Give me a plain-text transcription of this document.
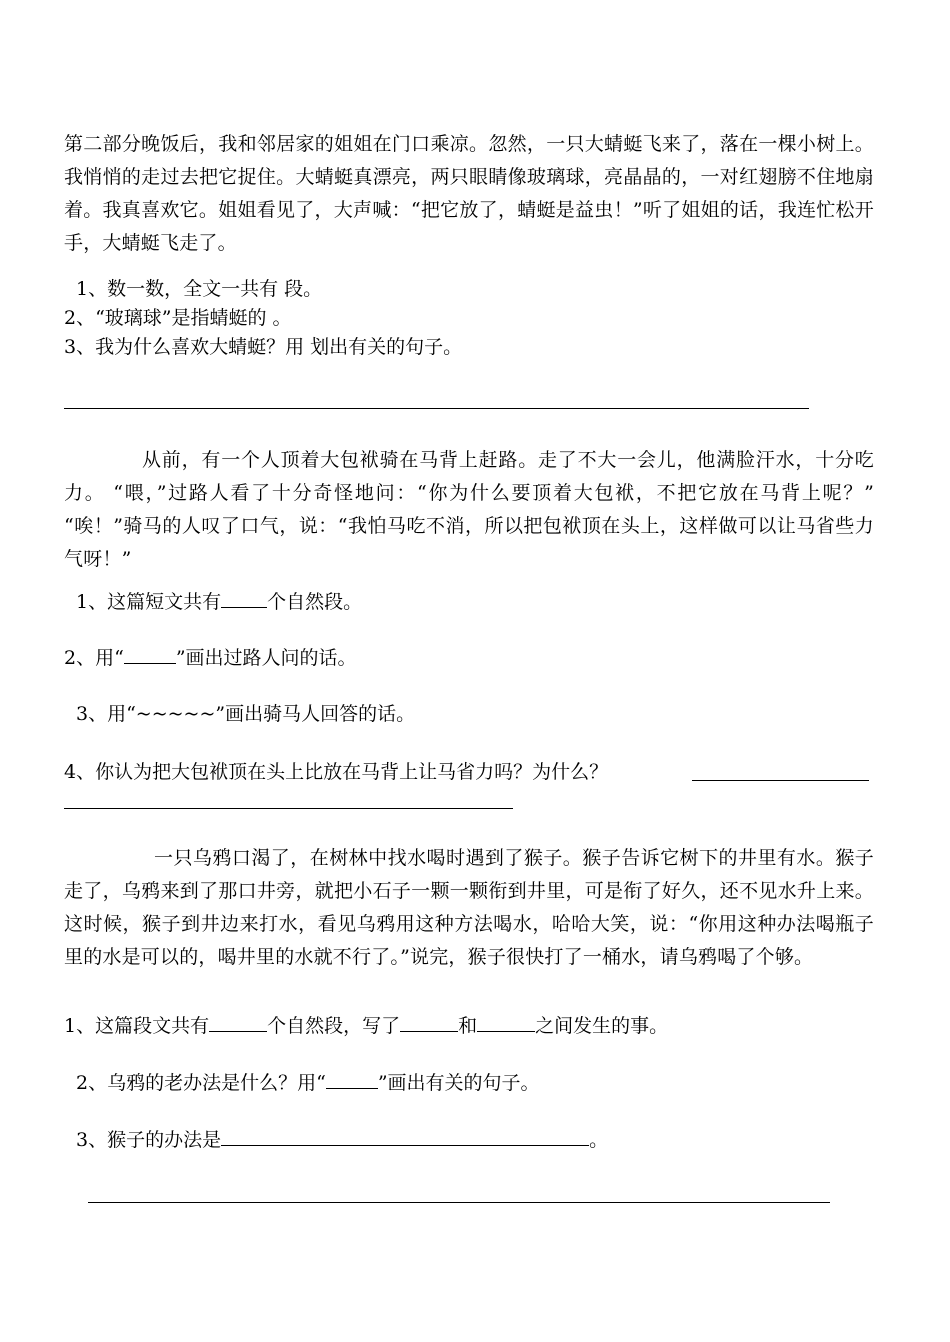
第二部分晚饭后，我和邻居家的姐姐在门口乘凉。忽然，一只大蜻蜓飞来了，落在一棵小树上。我悄悄的走过去把它捉住。大蜻蜓真漂亮，两只眼睛像玻璃球，亮晶晶的，一对红翅膀不住地扇着。我真喜欢它。姐姐看见了，大声喊：“把它放了，蜻蜓是益虫！”听了姐姐的话，我连忙松开手，大蜻蜓飞走了。
1、数一数，全文一共有 段。
2、“玻璃球”是指蜻蜓的 。
3、我为什么喜欢大蜻蜓？用 划出有关的句子。
从前，有一个人顶着大包袱骑在马背上赶路。走了不大一会儿，他满脸汗水，十分吃力。 “喂，”过路人看了十分奇怪地问：“你为什么要顶着大包袱，不把它放在马背上呢？” “唉！”骑马的人叹了口气，说：“我怕马吃不消，所以把包袱顶在头上，这样做可以让马省些力气呀！”
1、这篇短文共有 个自然段。
2、用“	”画出过路人问的话。
3、用“~~~~~”画出骑马人回答的话。
4、你认为把大包袱顶在头上比放在马背上让马省力吗？为什么？
一只乌鸦口渴了，在树林中找水喝时遇到了猴子。猴子告诉它树下的井里有水。猴子走了，乌鸦来到了那口井旁，就把小石子一颗一颗衔到井里，可是衔了好久，还不见水升上来。这时候，猴子到井边来打水，看见乌鸦用这种方法喝水，哈哈大笑，说：“你用这种办法喝瓶子里的水是可以的，喝井里的水就不行了。”说完，猴子很快打了一桶水，请乌鸦喝了个够。
1、这篇段文共有	个自然段，写了	和	之间发生的事。
2、乌鸦的老办法是什么？用“	”画出有关的句子。
3、猴子的办法是	。
